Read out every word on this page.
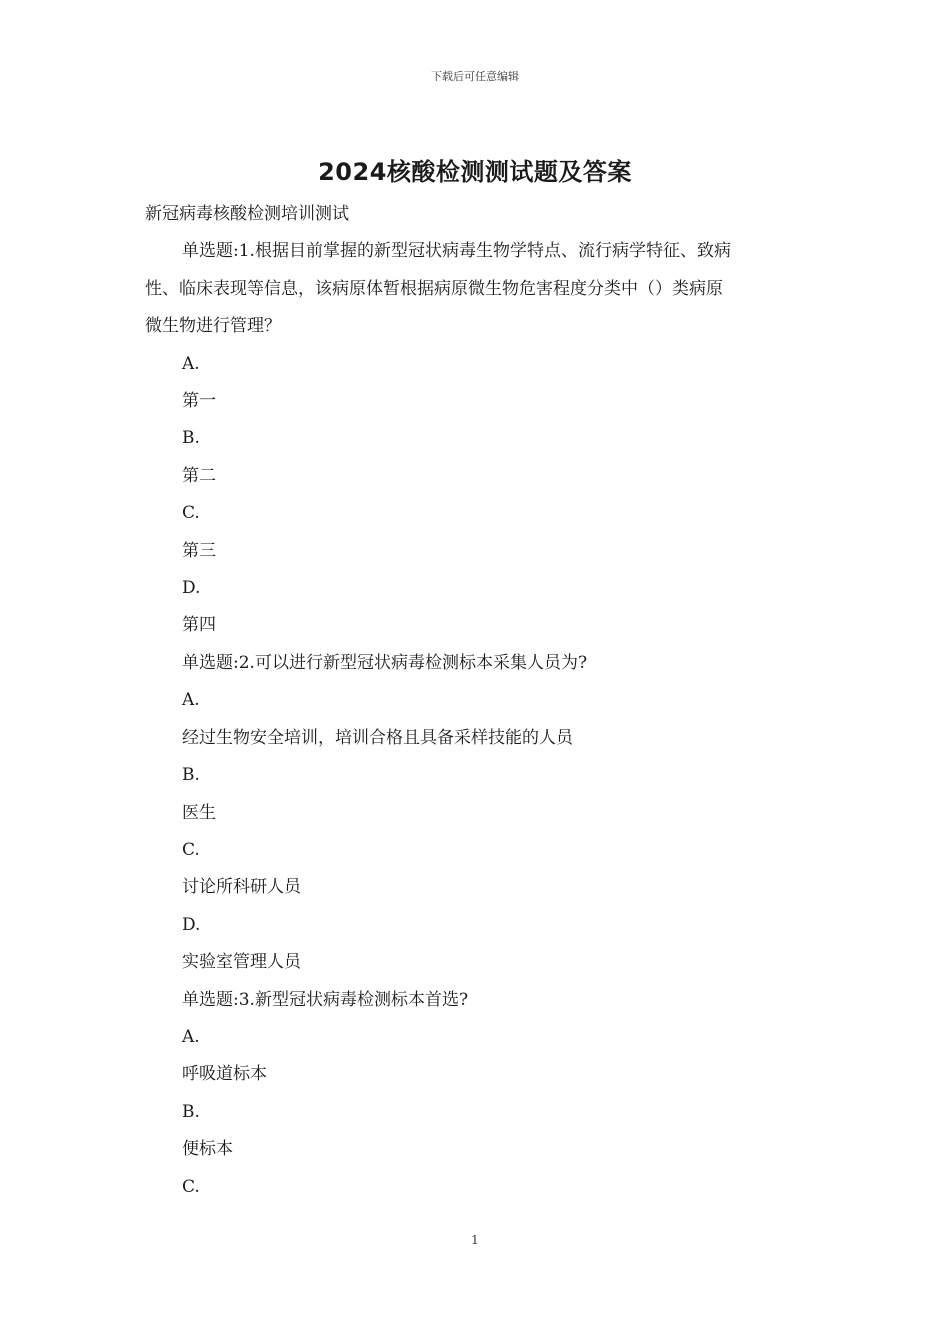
下载后可任意编辑
2024核酸检测测试题及答案

新冠病毒核酸检测培训测试

单选题:1.根据目前掌握的新型冠状病毒生物学特点、流行病学特征、致病

性、临床表现等信息，该病原体暂根据病原微生物危害程度分类中（）类病原

微生物进行管理？

A.

第一

B.

第二

C.

第三

D.

第四

单选题:2.可以进行新型冠状病毒检测标本采集人员为?

A.

经过生物安全培训，培训合格且具备采样技能的人员

B.

医生

C.

讨论所科研人员

D.

实验室管理人员

单选题:3.新型冠状病毒检测标本首选?

A.

呼吸道标本

B.

便标本

C.

1
